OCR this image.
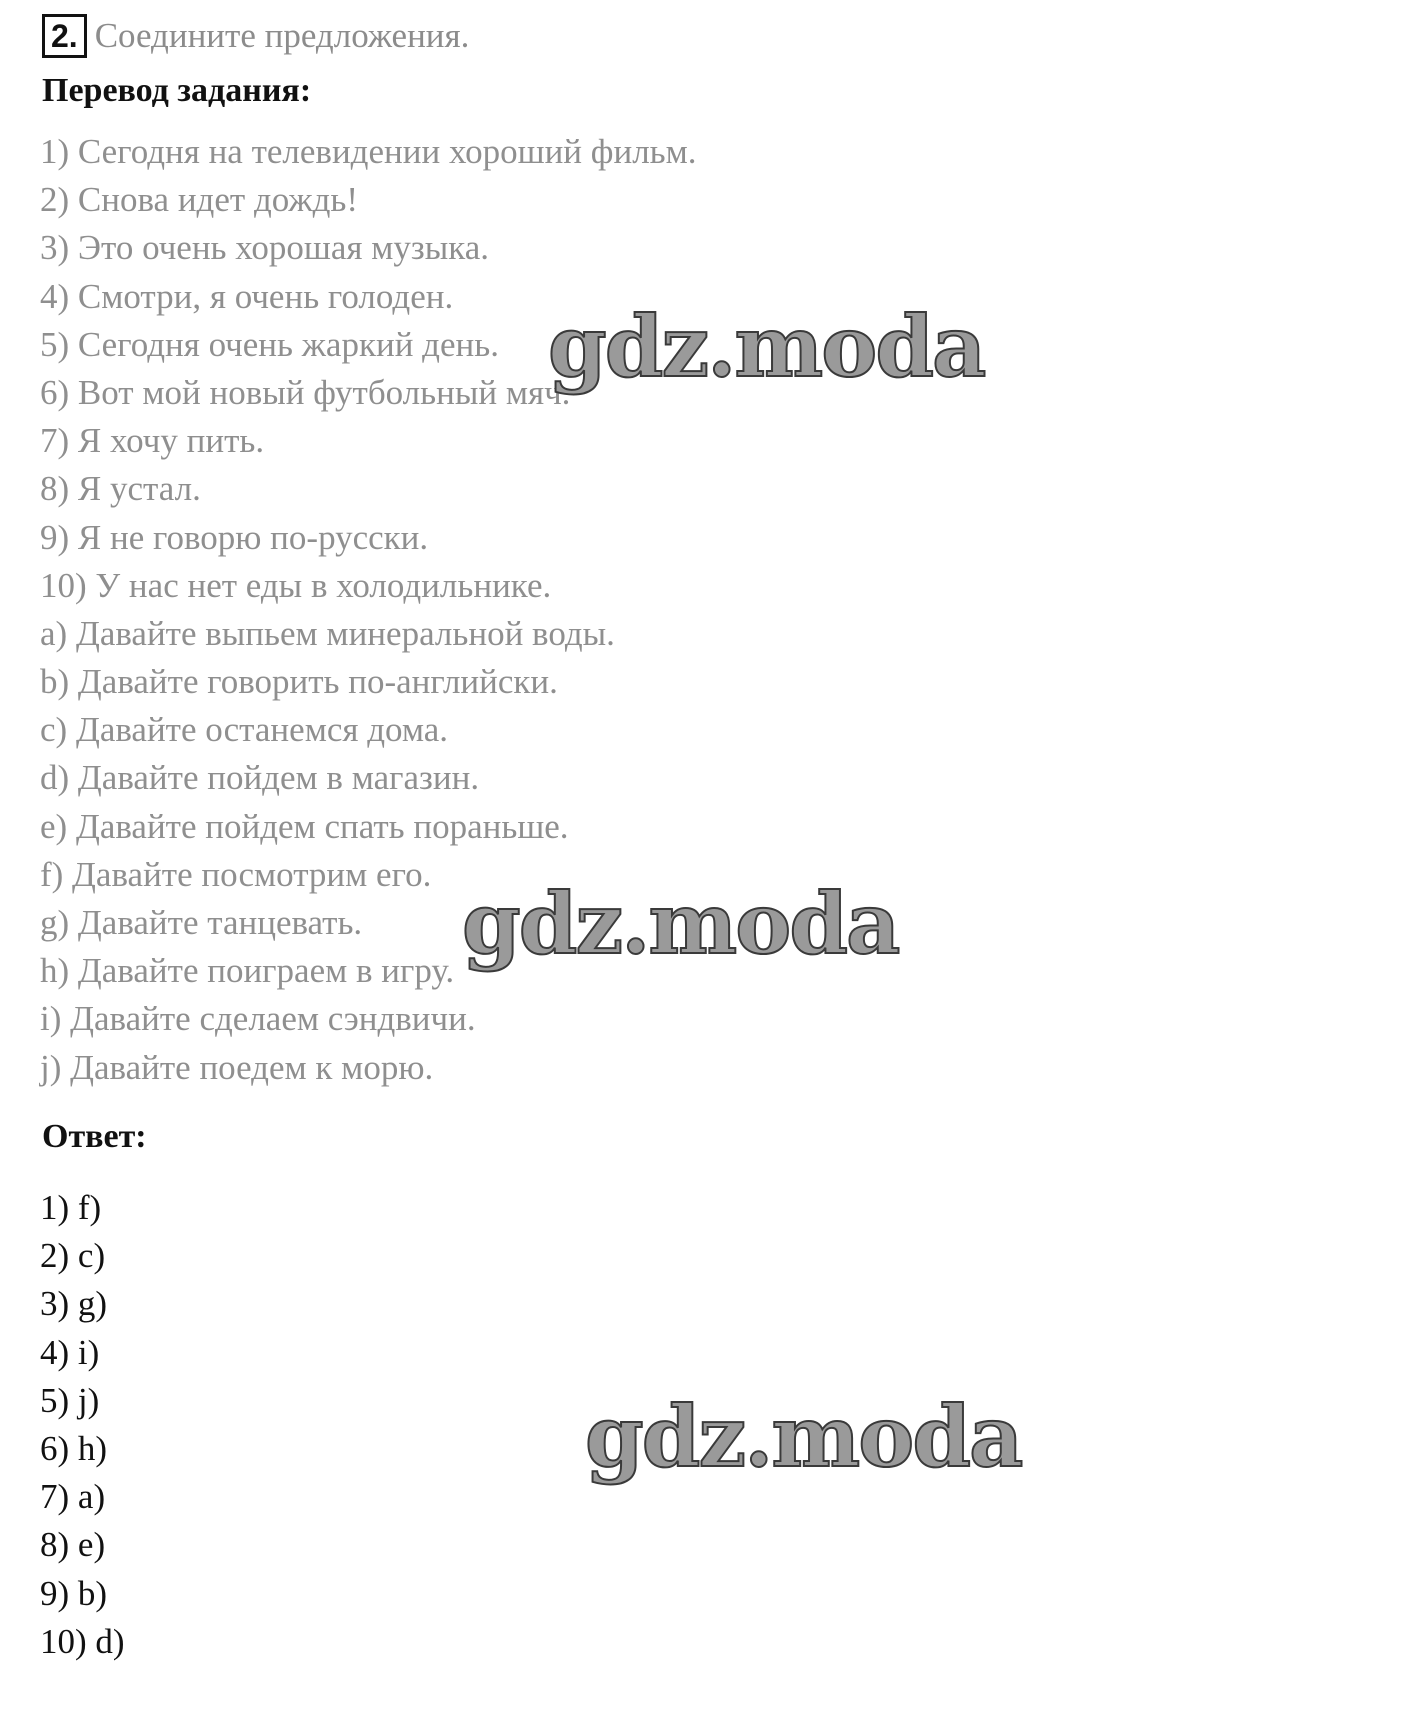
2. Соедините предложения.
Перевод задания:
1) Сегодня на телевидении хороший фильм.
2) Снова идет дождь!
3) Это очень хорошая музыка.
4) Смотри, я очень голоден.
5) Сегодня очень жаркий день.
6) Вот мой новый футбольный мяч.
7) Я хочу пить.
8) Я устал.
9) Я не говорю по-русски.
10) У нас нет еды в холодильнике.
a) Давайте выпьем минеральной воды.
b) Давайте говорить по-английски.
c) Давайте останемся дома.
d) Давайте пойдем в магазин.
e) Давайте пойдем спать пораньше.
f) Давайте посмотрим его.
g) Давайте танцевать.
h) Давайте поиграем в игру.
i) Давайте сделаем сэндвичи.
j) Давайте поедем к морю.
Ответ:
1) f)
2) c)
3) g)
4) i)
5) j)
6) h)
7) a)
8) e)
9) b)
10) d)
gdz.moda
gdz.moda
gdz.moda
